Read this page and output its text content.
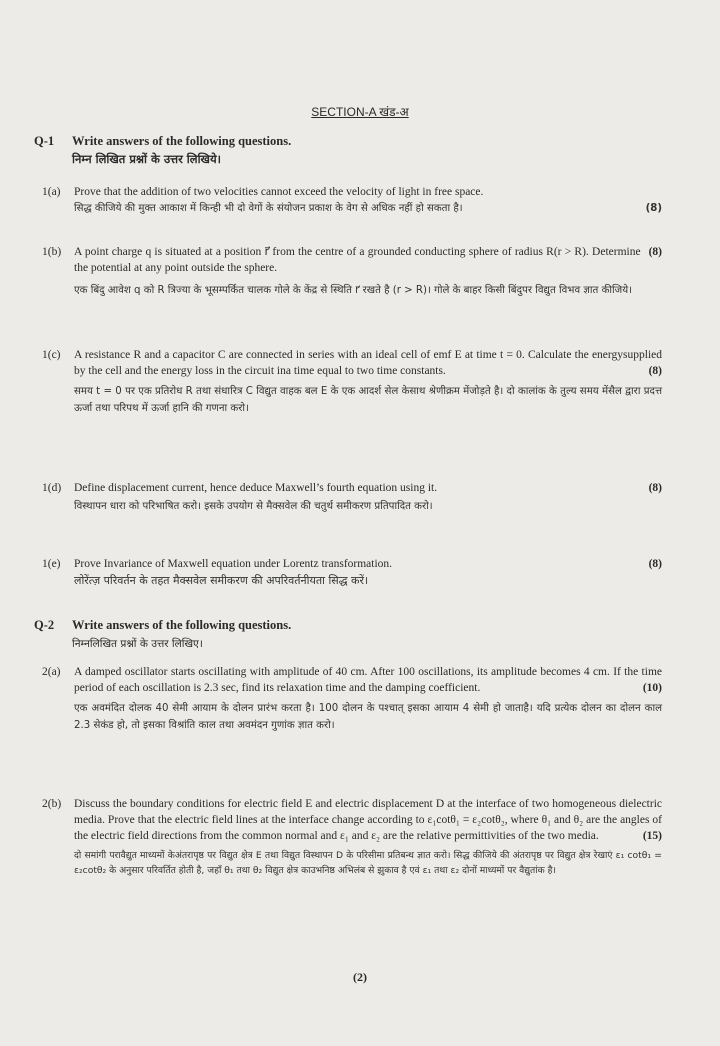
SECTION-A खंड-अ
Q-1 Write answers of the following questions.
निम्न लिखित प्रश्नों के उत्तर लिखिये।
1(a) Prove that the addition of two velocities cannot exceed the velocity of light in free space.
(8)
सिद्ध कीजिये की मुक्त आकाश में किन्ही भी दो वेगों के संयोजन प्रकाश के वेग से अधिक नहीं हो सकता है।
1(b)	(8)
A point charge q is situated at a position r⃗ from the centre of a grounded conducting sphere of radius R(r > R). Determine the potential at any point outside the sphere.
एक बिंदु आवेश q को R त्रिज्या के भूसम्पर्कित चालक गोले के केंद्र से स्थिति r⃗ रखते है (r > R)। गोले के बाहर किसी बिंदुपर विद्युत विभव ज्ञात कीजिये।
1(c) A resistance R and a capacitor C are connected in series with an ideal cell of emf E at time t = 0. Calculate the energysupplied by the cell and the energy loss in the circuit ina time equal to two time constants.	(8)
समय t = 0 पर एक प्रतिरोध R तथा संधारित्र C विद्युत वाहक बल E के एक आदर्श सेल केसाथ श्रेणीक्रम मेंजोड़ते है। दो कालांक के तुल्य समय मेंसैल द्वारा प्रदत्त ऊर्जा तथा परिपथ में ऊर्जा हानि की गणना करो।
1(d)	(8)
Define displacement current, hence deduce Maxwell’s fourth equation using it.
विस्थापन धारा को परिभाषित करो। इसके उपयोग से मैक्सवेल की चतुर्थ समीकरण प्रतिपादित करो।
1(e)	(8)
Prove Invariance of Maxwell equation under Lorentz transformation.
लोरेंत्ज़ परिवर्तन के तहत मैक्सवेल समीकरण की अपरिवर्तनीयता सिद्ध करें।
Q-2 Write answers of the following questions.
निम्नलिखित प्रश्नों के उत्तर लिखिए।
2(a) A damped oscillator starts oscillating with amplitude of 40 cm. After 100 oscillations, its amplitude becomes 4 cm. If the time period of each oscillation is 2.3 sec, find its relaxation time and the damping coefficient.	(10)
एक अवमंदित दोलक 40 सेमी आयाम के दोलन प्रारंभ करता है। 100 दोलन के पश्चात् इसका आयाम 4 सेमी हो जाताहै। यदि प्रत्येक दोलन का दोलन काल 2.3 सेकंड हो, तो इसका विश्रांति काल तथा अवमंदन गुणांक ज्ञात करो।
2(b) Discuss the boundary conditions for electric field E and electric displacement D at the interface of two homogeneous dielectric media. Prove that the electric field lines at the interface change according to ε₁cotθ₁ = ε₂cotθ₂, where θ₁ and θ₂ are the angles of the electric field directions from the common normal and ε₁ and ε₂ are the relative permittivities of the two media.	(15)
दो समांगी परावैद्युत माध्यमों केअंतरापृष्ठ पर विद्युत क्षेत्र E तथा विद्युत विस्थापन D के परिसीमा प्रतिबन्ध ज्ञात करो। सिद्ध कीजिये की अंतरापृष्ठ पर विद्युत क्षेत्र रेखाएं ε₁ cotθ₁ = ε₂cotθ₂ के अनुसार परिवर्तित होती है, जहाँ θ₁ तथा θ₂ विद्युत क्षेत्र काउभनिष्ठ अभिलंब से झुकाव है एवं ε₁ तथा ε₂ दोनों माध्यमों पर वैद्युतांक है।
(2)
